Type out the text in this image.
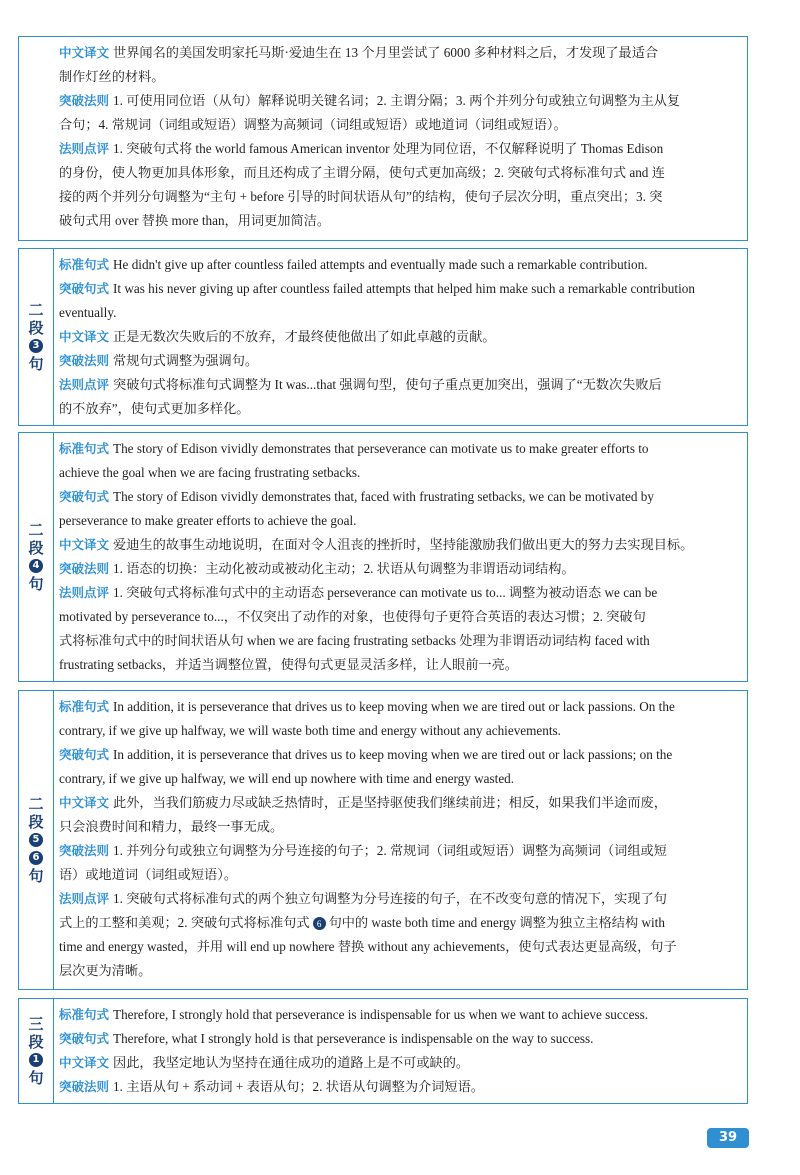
中文译文 世界闻名的美国发明家托马斯·爱迪生在 13 个月里尝试了 6000 多种材料之后，才发现了最适合
制作灯丝的材料。
突破法则 1. 可使用同位语（从句）解释说明关键名词；2. 主谓分隔；3. 两个并列分句或独立句调整为主从复
合句；4. 常规词（词组或短语）调整为高频词（词组或短语）或地道词（词组或短语）。
法则点评 1. 突破句式将 the world famous American inventor 处理为同位语，不仅解释说明了 Thomas Edison
的身份，使人物更加具体形象，而且还构成了主谓分隔，使句式更加高级；2. 突破句式将标准句式 and 连
接的两个并列分句调整为“主句 + before 引导的时间状语从句”的结构，使句子层次分明，重点突出；3. 突
破句式用 over 替换 more than，用词更加简洁。
二
段
3
句
标准句式 He didn't give up after countless failed attempts and eventually made such a remarkable contribution.
突破句式 It was his never giving up after countless failed attempts that helped him make such a remarkable contribution
eventually.
中文译文 正是无数次失败后的不放弃，才最终使他做出了如此卓越的贡献。
突破法则 常规句式调整为强调句。
法则点评 突破句式将标准句式调整为 It was...that 强调句型，使句子重点更加突出，强调了“无数次失败后
的不放弃”，使句式更加多样化。
二
段
4
句
标准句式 The story of Edison vividly demonstrates that perseverance can motivate us to make greater efforts to
achieve the goal when we are facing frustrating setbacks.
突破句式 The story of Edison vividly demonstrates that, faced with frustrating setbacks, we can be motivated by
perseverance to make greater efforts to achieve the goal.
中文译文 爱迪生的故事生动地说明，在面对令人沮丧的挫折时，坚持能激励我们做出更大的努力去实现目标。
突破法则 1. 语态的切换：主动化被动或被动化主动；2. 状语从句调整为非谓语动词结构。
法则点评 1. 突破句式将标准句式中的主动语态 perseverance can motivate us to... 调整为被动语态 we can be
motivated by perseverance to...，不仅突出了动作的对象，也使得句子更符合英语的表达习惯；2. 突破句
式将标准句式中的时间状语从句 when we are facing frustrating setbacks 处理为非谓语动词结构 faced with
frustrating setbacks，并适当调整位置，使得句式更显灵活多样，让人眼前一亮。
二
段
5
6
句
标准句式 In addition, it is perseverance that drives us to keep moving when we are tired out or lack passions. On the
contrary, if we give up halfway, we will waste both time and energy without any achievements.
突破句式 In addition, it is perseverance that drives us to keep moving when we are tired out or lack passions; on the
contrary, if we give up halfway, we will end up nowhere with time and energy wasted.
中文译文 此外，当我们筋疲力尽或缺乏热情时，正是坚持驱使我们继续前进；相反，如果我们半途而废，
只会浪费时间和精力，最终一事无成。
突破法则 1. 并列分句或独立句调整为分号连接的句子；2. 常规词（词组或短语）调整为高频词（词组或短
语）或地道词（词组或短语）。
法则点评 1. 突破句式将标准句式的两个独立句调整为分号连接的句子，在不改变句意的情况下，实现了句
式上的工整和美观；2. 突破句式将标准句式 6 句中的 waste both time and energy 调整为独立主格结构 with
time and energy wasted，并用 will end up nowhere 替换 without any achievements，使句式表达更显高级，句子
层次更为清晰。
三
段
1
句
标准句式 Therefore, I strongly hold that perseverance is indispensable for us when we want to achieve success.
突破句式 Therefore, what I strongly hold is that perseverance is indispensable on the way to success.
中文译文 因此，我坚定地认为坚持在通往成功的道路上是不可或缺的。
突破法则 1. 主语从句 + 系动词 + 表语从句；2. 状语从句调整为介词短语。
39
